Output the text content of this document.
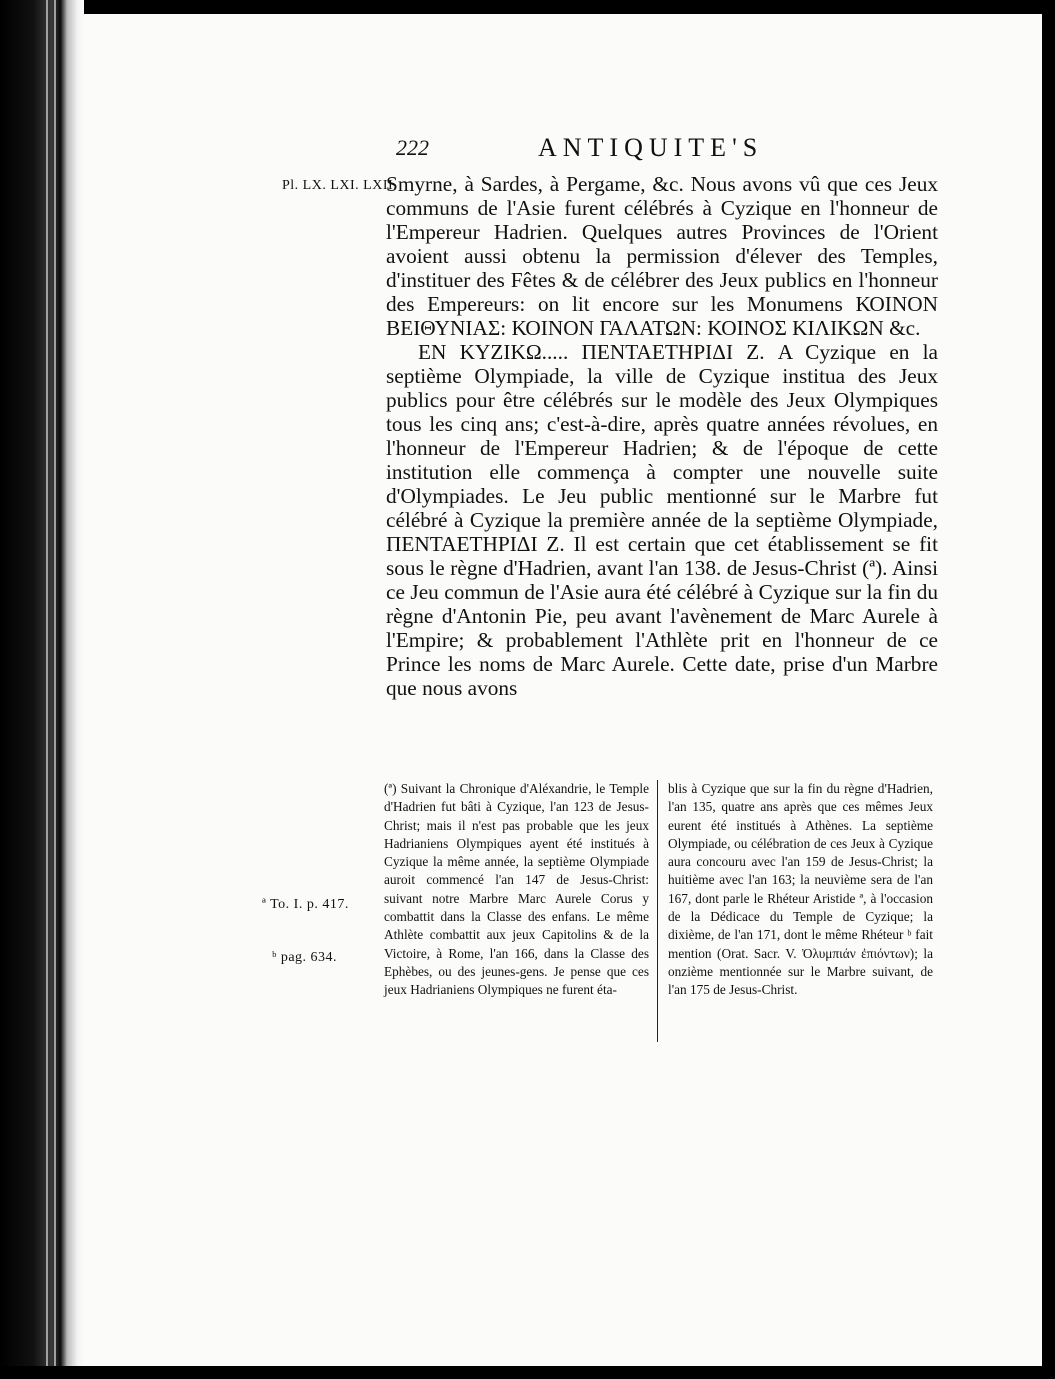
222	ANTIQUITE'S
Pl. LX. LXI. LXII.
ª To. I. p. 417.
ᵇ pag. 634.

Smyrne, à Sardes, à Pergame, &c. Nous avons vû que ces Jeux communs de l'Asie furent célébrés à Cyzique en l'honneur de l'Empereur Hadrien. Quelques autres Provinces de l'Orient avoient aussi obtenu la permission d'élever des Temples, d'instituer des Fêtes & de célébrer des Jeux publics en l'honneur des Empereurs: on lit encore sur les Monumens ΚΟΙΝΟΝ ΒΕΙΘΥΝΙΑΣ: ΚΟΙΝΟΝ ΓΑΛΑΤΩΝ: ΚΟΙΝΟΣ ΚΙΛΙΚΩΝ &c.

ΕΝ ΚΥΖΙΚΩ..... ΠΕΝΤΑΕΤΗΡΙΔΙ Ζ. A Cyzique en la septième Olympiade, la ville de Cyzique institua des Jeux publics pour être célébrés sur le modèle des Jeux Olympiques tous les cinq ans; c'est-à-dire, après quatre années révolues, en l'honneur de l'Empereur Hadrien; & de l'époque de cette institution elle commença à compter une nouvelle suite d'Olympiades. Le Jeu public mentionné sur le Marbre fut célébré à Cyzique la première année de la septième Olympiade, ΠΕΝΤΑΕΤΗΡΙΔΙ Ζ. Il est certain que cet établissement se fit sous le règne d'Hadrien, avant l'an 138. de Jesus-Christ (ª). Ainsi ce Jeu commun de l'Asie aura été célébré à Cyzique sur la fin du règne d'Antonin Pie, peu avant l'avènement de Marc Aurele à l'Empire; & probablement l'Athlète prit en l'honneur de ce Prince les noms de Marc Aurele. Cette date, prise d'un Marbre que nous avons

(ª) Suivant la Chronique d'Aléxandrie, le Temple d'Hadrien fut bâti à Cyzique, l'an 123 de Jesus-Christ; mais il n'est pas probable que les jeux Hadrianiens Olympiques ayent été institués à Cyzique la même année, la septième Olympiade auroit commencé l'an 147 de Jesus-Christ: suivant notre Marbre Marc Aurele Corus y combattit dans la Classe des enfans. Le même Athlète combattit aux jeux Capitolins & de la Victoire, à Rome, l'an 166, dans la Classe des Ephèbes, ou des jeunes-gens. Je pense que ces jeux Hadrianiens Olympiques ne furent éta-
blis à Cyzique que sur la fin du règne d'Hadrien, l'an 135, quatre ans après que ces mêmes Jeux eurent été institués à Athènes. La septième Olympiade, ou célébration de ces Jeux à Cyzique aura concouru avec l'an 159 de Jesus-Christ; la huitième avec l'an 163; la neuvième sera de l'an 167, dont parle le Rhéteur Aristide ª, à l'occasion de la Dédicace du Temple de Cyzique; la dixième, de l'an 171, dont le même Rhéteur ᵇ fait mention (Orat. Sacr. V. Ὀλυμπιάν ἐπιόντων); la onzième mentionnée sur le Marbre suivant, de l'an 175 de Jesus-Christ.
